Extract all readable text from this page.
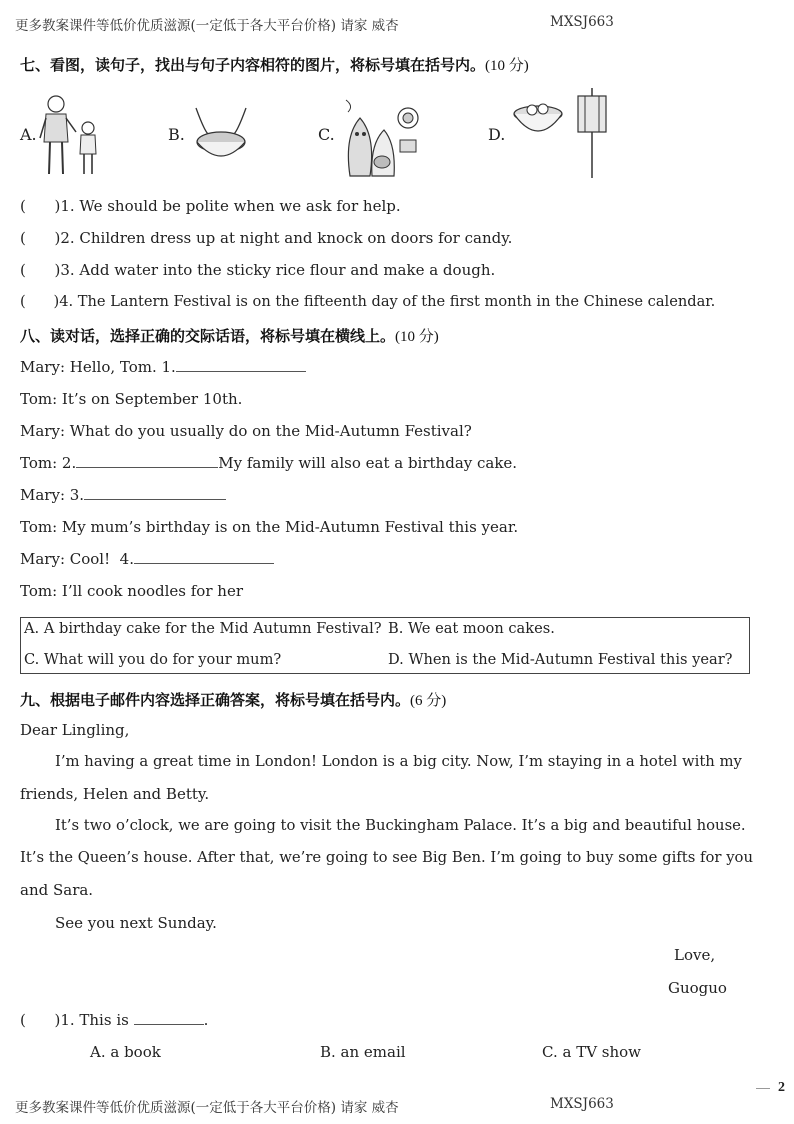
更多教案课件等低价优质滋源(一定低于各大平台价格) 请家 威杏	MXSJ663
七、看图，读句子，找出与句子内容相符的图片，将标号填在括号内。(10 分)
A.	B.	C.	D.
(      )1. We should be polite when we ask for help.
(      )2. Children dress up at night and knock on doors for candy.
(      )3. Add water into the sticky rice flour and make a dough.
(      )4. The Lantern Festival is on the fifteenth day of the first month in the Chinese calendar.
八、读对话，选择正确的交际话语，将标号填在横线上。(10 分)
Mary: Hello, Tom. 1.
Tom: It’s on September 10th.
Mary: What do you usually do on the Mid-Autumn Festival?
Tom: 2.	My family will also eat a birthday cake.
Mary: 3.
Tom: My mum’s birthday is on the Mid-Autumn Festival this year.
Mary: Cool!  4.
Tom: I’ll cook noodles for her
A. A birthday cake for the Mid Autumn Festival? B. We eat moon cakes.
C. What will you do for your mum?	D. When is the Mid-Autumn Festival this year?
九、根据电子邮件内容选择正确答案，将标号填在括号内。(6 分)
Dear Lingling,
I’m having a great time in London! London is a big city. Now, I’m staying in a hotel with my
friends, Helen and Betty.
It’s two o’clock, we are going to visit the Buckingham Palace. It’s a big and beautiful house.
It’s the Queen’s house. After that, we’re going to see Big Ben. I’m going to buy some gifts for you
and Sara.
See you next Sunday.
Love,
Guoguo
(      )1. This is	.
A. a book	B. an email	C. a TV show
2
更多教案课件等低价优质滋源(一定低于各大平台价格) 请家 威杏	MXSJ663
